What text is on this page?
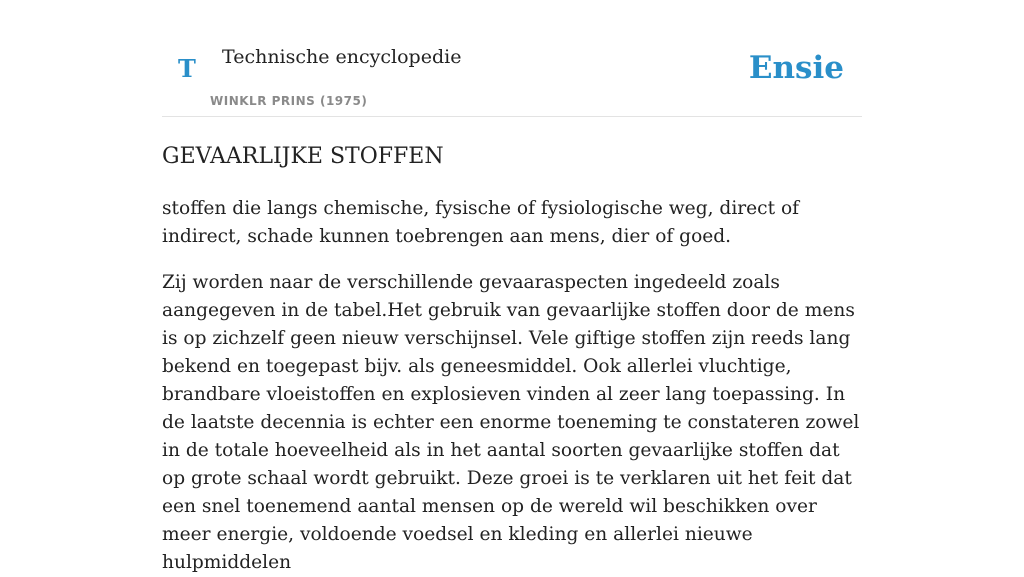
T Technische encyclopedie
WINKLR PRINS (1975)
Ensie
GEVAARLIJKE STOFFEN

stoffen die langs chemische, fysische of fysiologische weg, direct of indirect, schade kunnen toebrengen aan mens, dier of goed.

Zij worden naar de verschillende gevaaraspecten ingedeeld zoals aangegeven in de tabel.Het gebruik van gevaarlijke stoffen door de mens is op zichzelf geen nieuw verschijnsel. Vele giftige stoffen zijn reeds lang bekend en toegepast bijv. als geneesmiddel. Ook allerlei vluchtige, brandbare vloeistoffen en explosieven vinden al zeer lang toepassing. In de laatste decennia is echter een enorme toeneming te constateren zowel in de totale hoeveelheid als in het aantal soorten gevaarlijke stoffen dat op grote schaal wordt gebruikt. Deze groei is te verklaren uit het feit dat een snel toenemend aantal mensen op de wereld wil beschikken over meer energie, voldoende voedsel en kleding en allerlei nieuwe hulpmiddelen
